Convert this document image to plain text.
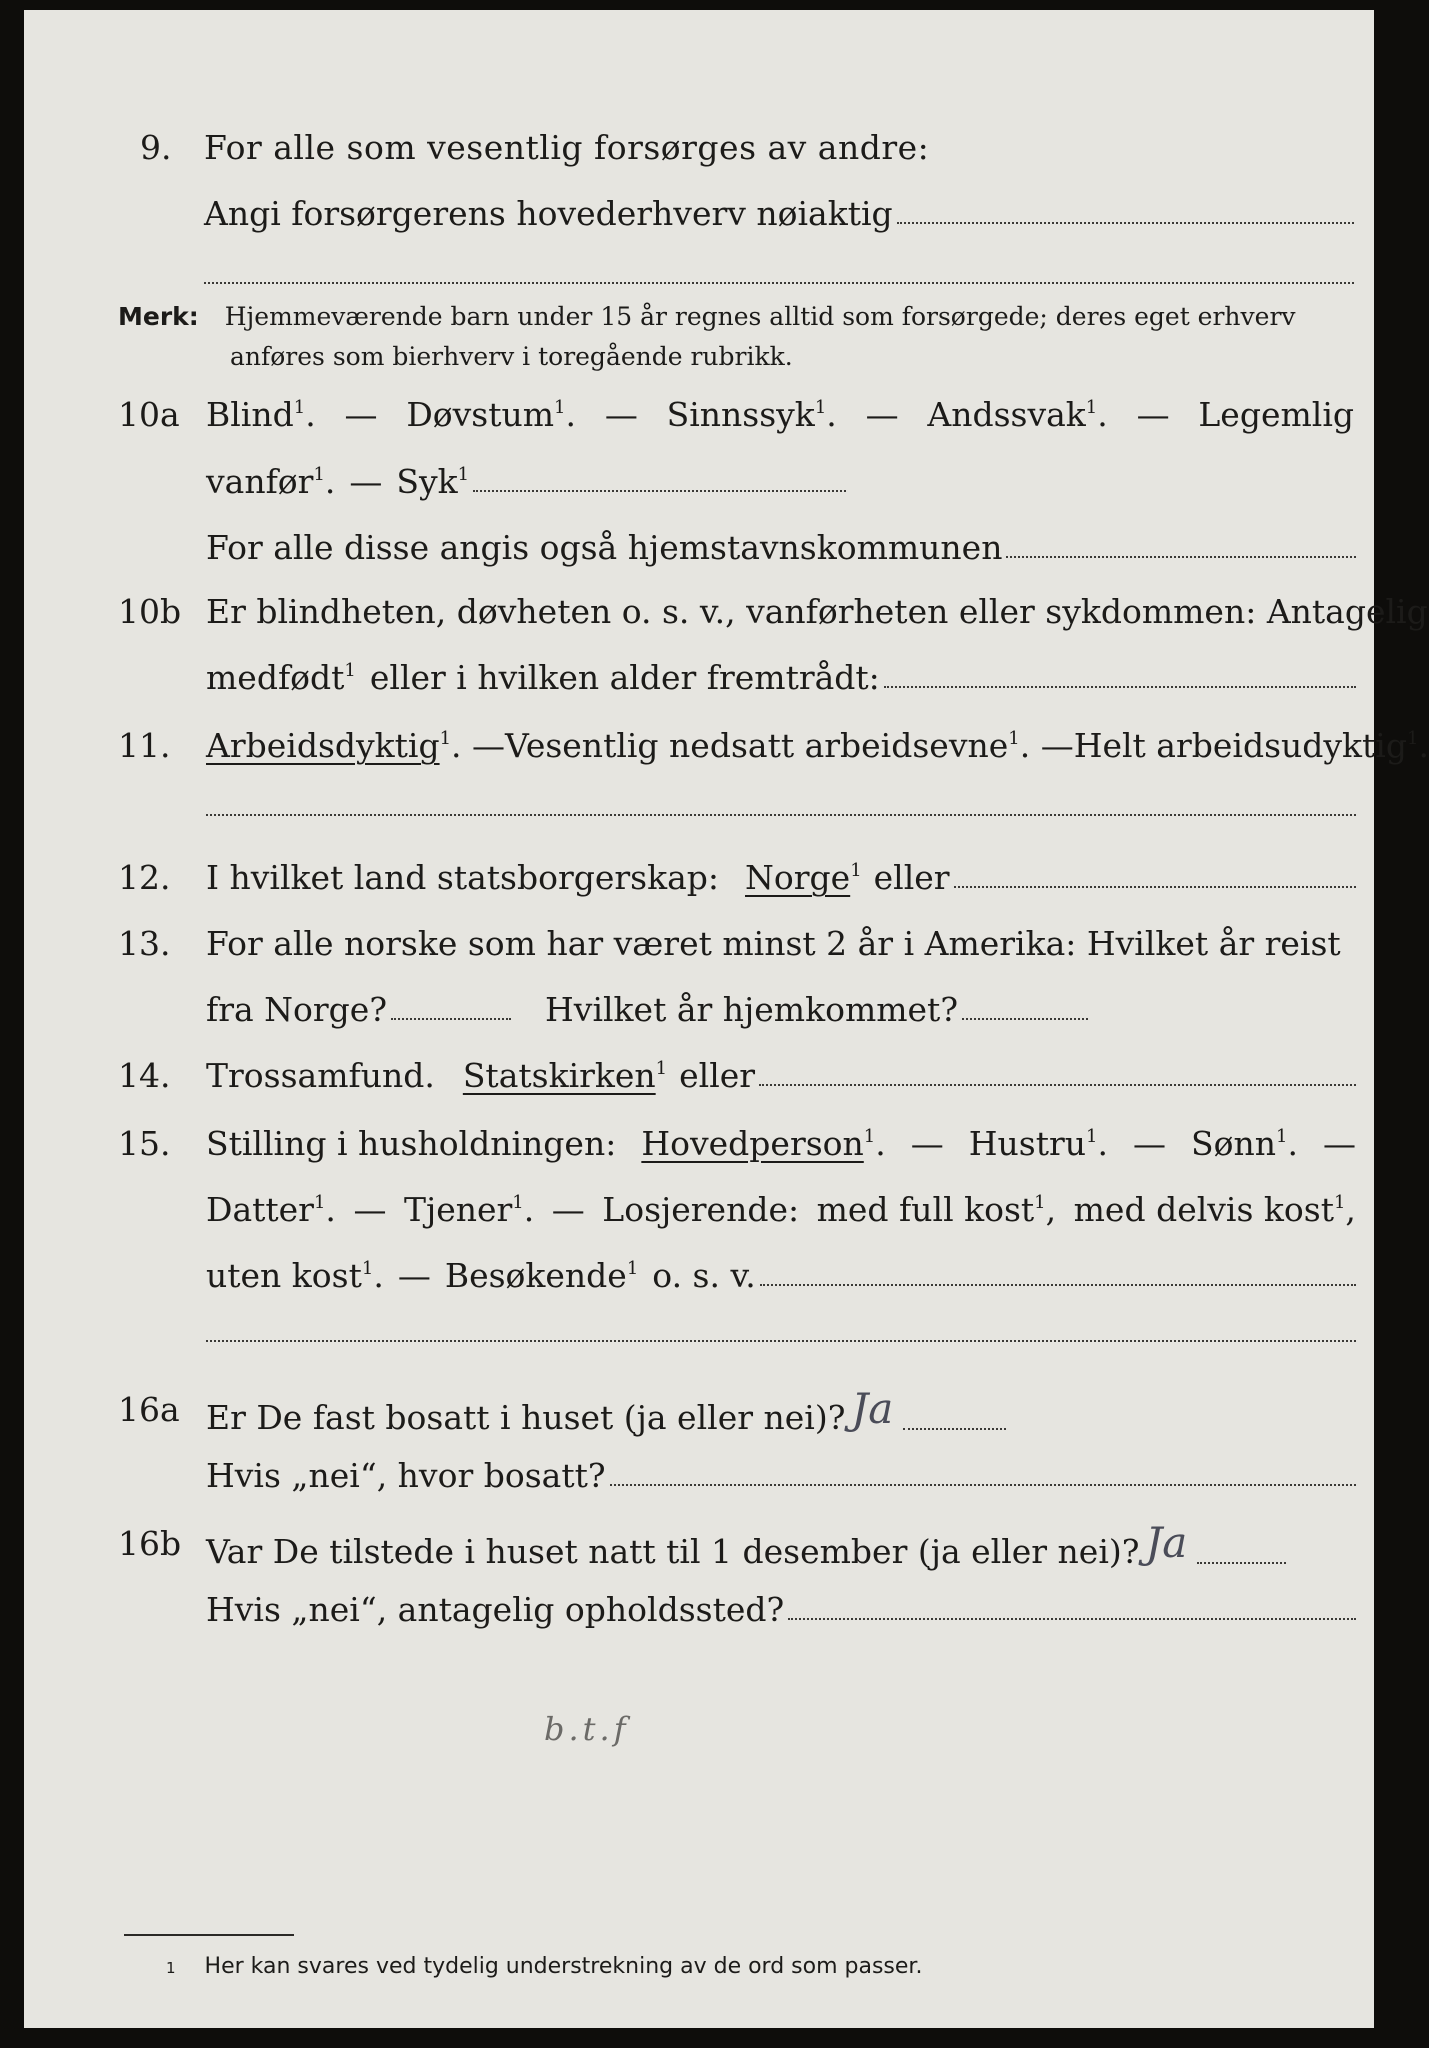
9. For alle som vesentlig forsørges av andre:
Angi forsørgerens hovederhverv nøiaktig
Merk: Hjemmeværende barn under 15 år regnes alltid som forsørgede; deres eget erhverv
anføres som bierhverv i toregående rubrikk.
10a Blind$^1$. — Døvstum$^1$. — Sinnssyk$^1$. — Andssvak$^1$. — Legemlig
vanfør$^1$. — Syk$^1$
For alle disse angis også hjemstavnskommunen
10b Er blindheten, døvheten o. s. v., vanførheten eller sykdommen: Antagelig
medfødt$^1$ eller i hvilken alder fremtrådt:
11. Arbeidsdyktig$^1$. — Vesentlig nedsatt arbeidsevne$^1$. — Helt arbeidsudyktig$^1$.
12. I hvilket land statsborgerskap: Norge$^1$ eller
13. For alle norske som har været minst 2 år i Amerika: Hvilket år reist
fra Norge?	Hvilket år hjemkommet?
14. Trossamfund. Statskirken$^1$ eller
15. Stilling i husholdningen: Hovedperson$^1$. — Hustru$^1$. — Sønn$^1$. —
Datter$^1$. — Tjener$^1$. — Losjerende: med full kost$^1$, med delvis kost$^1$,
uten kost$^1$. — Besøkende$^1$ o. s. v.
16a Er De fast bosatt i huset (ja eller nei)? Ja
Hvis „nei“, hvor bosatt?
16b Var De tilstede i huset natt til 1 desember (ja eller nei)? Ja
Hvis „nei“, antagelig opholdssted?
b.t.f
1 Her kan svares ved tydelig understrekning av de ord som passer.
